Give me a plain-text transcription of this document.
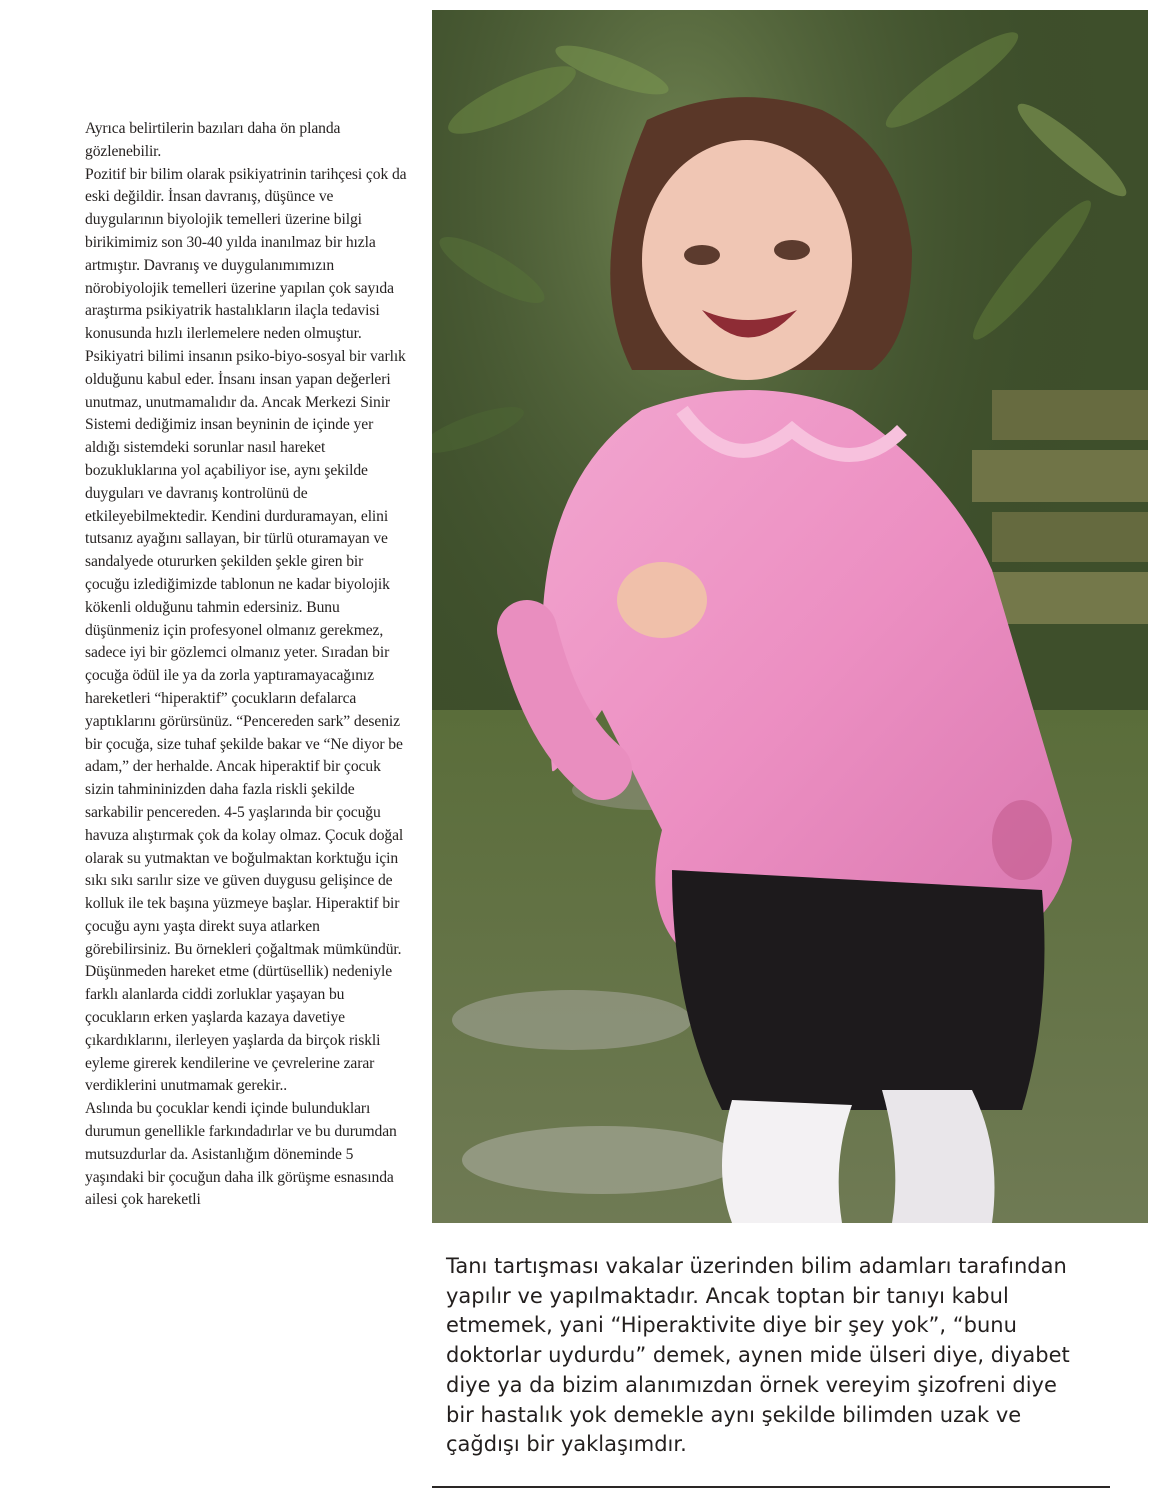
Ayrıca belirtilerin bazıları daha ön planda gözlenebilir.

Pozitif bir bilim olarak psikiyatrinin tarihçesi çok da eski değildir. İnsan davranış, düşünce ve duygularının biyolojik temelleri üzerine bilgi birikimimiz son 30-40 yılda inanılmaz bir hızla artmıştır. Davranış ve duygulanımımızın nörobiyolojik temelleri üzerine yapılan çok sayıda araştırma psikiyatrik hastalıkların ilaçla tedavisi konusunda hızlı ilerlemelere neden olmuştur. Psikiyatri bilimi insanın psiko-biyo-sosyal bir varlık olduğunu kabul eder. İnsanı insan yapan değerleri unutmaz, unutmamalıdır da. Ancak Merkezi Sinir Sistemi dediğimiz insan beyninin de içinde yer aldığı sistemdeki sorunlar nasıl hareket bozukluklarına yol açabiliyor ise, aynı şekilde duyguları ve davranış kontrolünü de etkileyebilmektedir. Kendini durduramayan, elini tutsanız ayağını sallayan, bir türlü oturamayan ve sandalyede otururken şekilden şekle giren bir çocuğu izlediğimizde tablonun ne kadar biyolojik kökenli olduğunu tahmin edersiniz. Bunu düşünmeniz için profesyonel olmanız gerekmez, sadece iyi bir gözlemci olmanız yeter. Sıradan bir çocuğa ödül ile ya da zorla yaptıramayacağınız hareketleri “hiperaktif” çocukların defalarca yaptıklarını görürsünüz. “Pencereden sark” deseniz bir çocuğa, size tuhaf şekilde bakar ve “Ne diyor be adam,” der herhalde. Ancak hiperaktif bir çocuk sizin tahmininizden daha fazla riskli şekilde sarkabilir pencereden. 4-5 yaşlarında bir çocuğu havuza alıştırmak çok da kolay olmaz. Çocuk doğal olarak su yutmaktan ve boğulmaktan korktuğu için sıkı sıkı sarılır size ve güven duygusu gelişince de kolluk ile tek başına yüzmeye başlar. Hiperaktif bir çocuğu aynı yaşta direkt suya atlarken görebilirsiniz. Bu örnekleri çoğaltmak mümkündür. Düşünmeden hareket etme (dürtüsellik) nedeniyle farklı alanlarda ciddi zorluklar yaşayan bu çocukların erken yaşlarda kazaya davetiye çıkardıklarını, ilerleyen yaşlarda da birçok riskli eyleme girerek kendilerine ve çevrelerine zarar verdiklerini unutmamak gerekir..

Aslında bu çocuklar kendi içinde bulundukları durumun genellikle farkındadırlar ve bu durumdan mutsuzdurlar da. Asistanlığım döneminde 5 yaşındaki bir çocuğun daha ilk görüşme esnasında ailesi çok hareketli

Tanı tartışması vakalar üzerinden bilim adamları tarafından yapılır ve yapılmaktadır. Ancak toptan bir tanıyı kabul etmemek, yani “Hiperaktivite diye bir şey yok”, “bunu doktorlar uydurdu” demek, aynen mide ülseri diye, diyabet diye ya da bizim alanımızdan örnek vereyim şizofreni diye bir hastalık yok demekle aynı şekilde bilimden uzak ve çağdışı bir yaklaşımdır.
